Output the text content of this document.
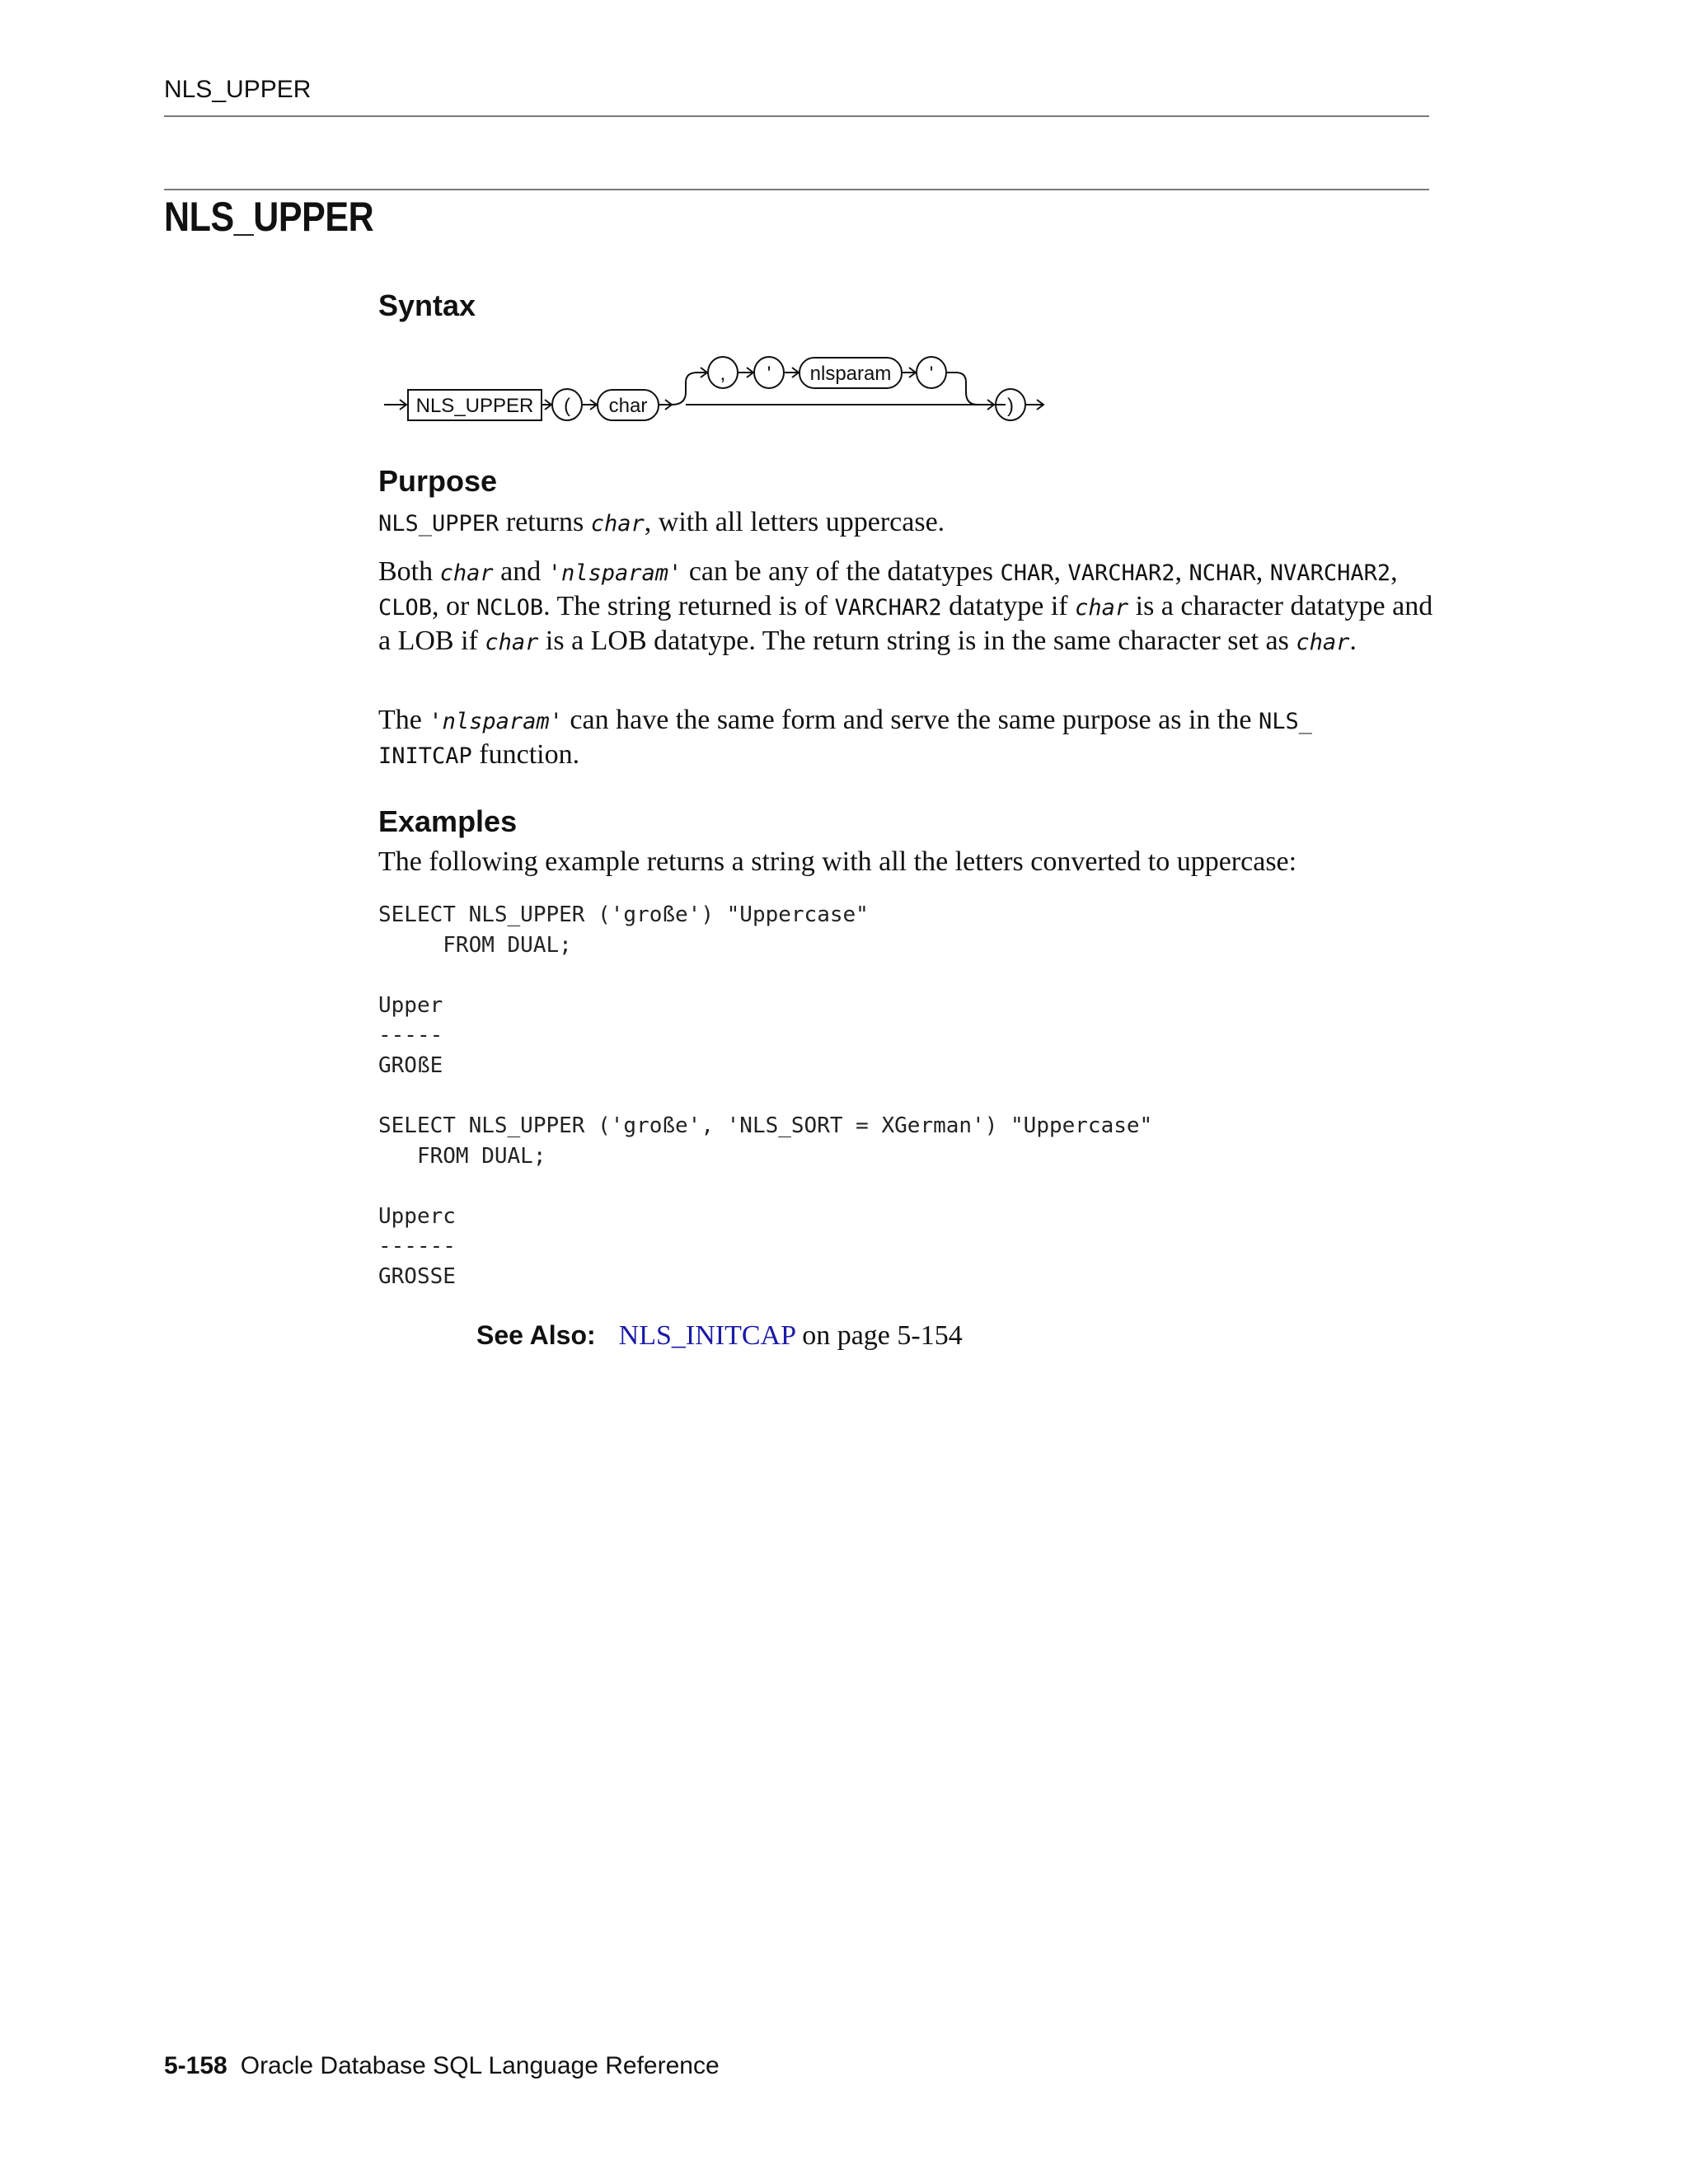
NLS_UPPER
NLS_UPPER
Syntax
NLS_UPPER ( char
, ' nlsparam '
)
Purpose

NLS_UPPER returns char, with all letters uppercase.

Both char and 'nlsparam' can be any of the datatypes CHAR, VARCHAR2, NCHAR, NVARCHAR2, CLOB, or NCLOB. The string returned is of VARCHAR2 datatype if char is a character datatype and a LOB if char is a LOB datatype. The return string is in the same character set as char.

The 'nlsparam' can have the same form and serve the same purpose as in the NLS_
INITCAP function.

Examples

The following example returns a string with all the letters converted to uppercase:

SELECT NLS_UPPER ('große') "Uppercase"
FROM DUAL;

Upper
-----
GROßE
SELECT NLS_UPPER ('große', 'NLS_SORT = XGerman') "Uppercase"
FROM DUAL;

Upperc
------
GROSSE
See Also: NLS_INITCAP on page 5-154
5-158 Oracle Database SQL Language Reference
